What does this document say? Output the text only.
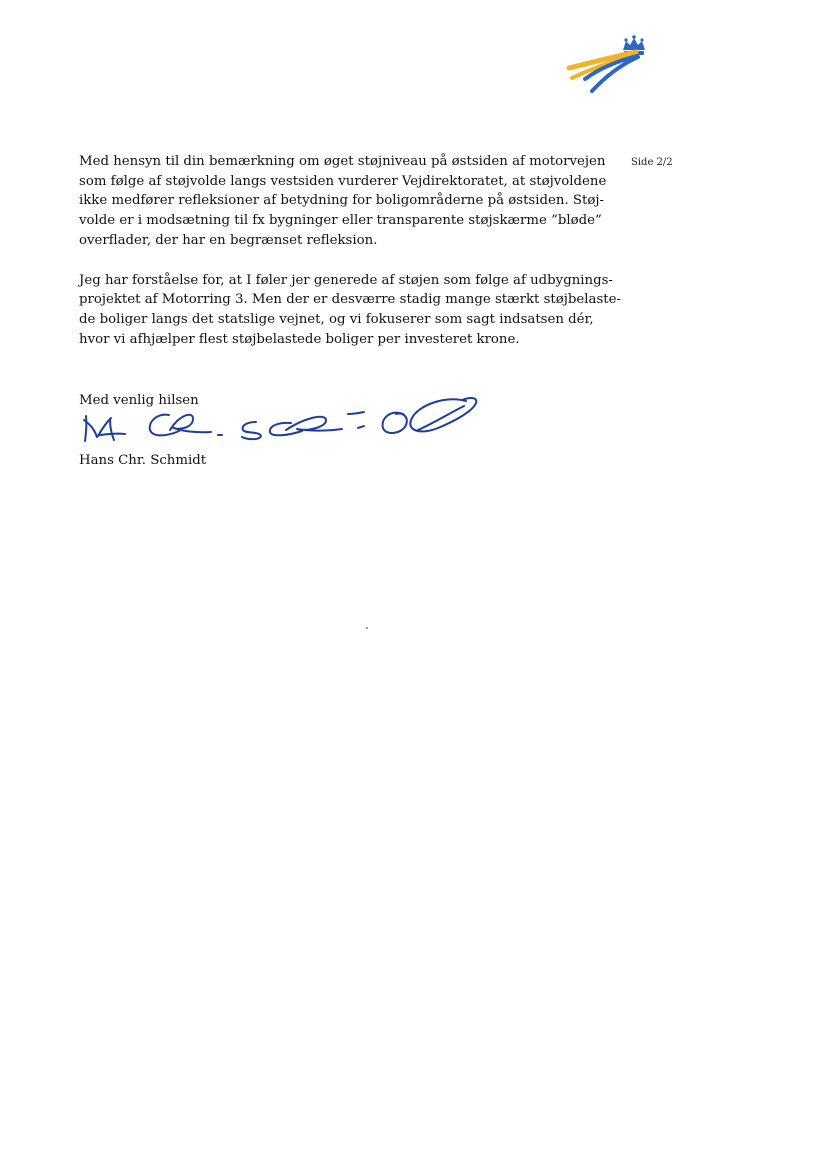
Side 2/2

Med hensyn til din bemærkning om øget støjniveau på østsiden af motorvejen
som følge af støjvolde langs vestsiden vurderer Vejdirektoratet, at støjvoldene
ikke medfører refleksioner af betydning for boligområderne på østsiden. Støj-
volde er i modsætning til fx bygninger eller transparente støjskærme ”bløde”
overflader, der har en begrænset refleksion.

Jeg har forståelse for, at I føler jer generede af støjen som følge af udbygnings-
projektet af Motorring 3. Men der er desværre stadig mange stærkt støjbelaste-
de boliger langs det statslige vejnet, og vi fokuserer som sagt indsatsen dér,
hvor vi afhjælper flest støjbelastede boliger per investeret krone.

Med venlig hilsen
Hans Chr. Schmidt
